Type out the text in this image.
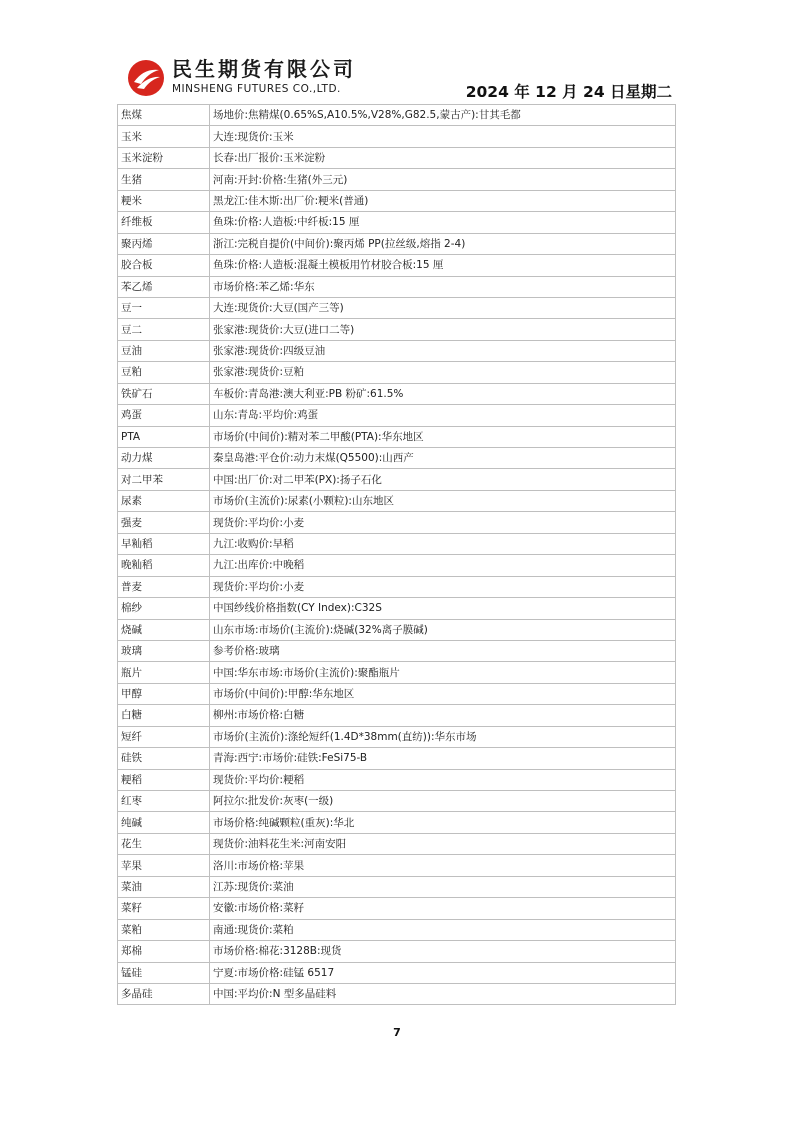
民生期货有限公司
MINSHENG FUTURES CO.,LTD.	2024 年 12 月 24 日星期二
焦煤	场地价:焦精煤(0.65%S,A10.5%,V28%,G82.5,蒙古产):甘其毛都
玉米	大连:现货价:玉米
玉米淀粉	长春:出厂报价:玉米淀粉
生猪	河南:开封:价格:生猪(外三元)
粳米	黑龙江:佳木斯:出厂价:粳米(普通)
纤维板	鱼珠:价格:人造板:中纤板:15 厘
聚丙烯	浙江:完税自提价(中间价):聚丙烯 PP(拉丝级,熔指 2-4)
胶合板	鱼珠:价格:人造板:混凝土模板用竹材胶合板:15 厘
苯乙烯	市场价格:苯乙烯:华东
豆一	大连:现货价:大豆(国产三等)
豆二	张家港:现货价:大豆(进口二等)
豆油	张家港:现货价:四级豆油
豆粕	张家港:现货价:豆粕
铁矿石	车板价:青岛港:澳大利亚:PB 粉矿:61.5%
鸡蛋	山东:青岛:平均价:鸡蛋
PTA	市场价(中间价):精对苯二甲酸(PTA):华东地区
动力煤	秦皇岛港:平仓价:动力末煤(Q5500):山西产
对二甲苯	中国:出厂价:对二甲苯(PX):扬子石化
尿素	市场价(主流价):尿素(小颗粒):山东地区
强麦	现货价:平均价:小麦
早籼稻	九江:收购价:早稻
晚籼稻	九江:出库价:中晚稻
普麦	现货价:平均价:小麦
棉纱	中国纱线价格指数(CY Index):C32S
烧碱	山东市场:市场价(主流价):烧碱(32%离子膜碱)
玻璃	参考价格:玻璃
瓶片	中国:华东市场:市场价(主流价):聚酯瓶片
甲醇	市场价(中间价):甲醇:华东地区
白糖	柳州:市场价格:白糖
短纤	市场价(主流价):涤纶短纤(1.4D*38mm(直纺)):华东市场
硅铁	青海:西宁:市场价:硅铁:FeSi75-B
粳稻	现货价:平均价:粳稻
红枣	阿拉尔:批发价:灰枣(一级)
纯碱	市场价格:纯碱颗粒(重灰):华北
花生	现货价:油料花生米:河南安阳
苹果	洛川:市场价格:苹果
菜油	江苏:现货价:菜油
菜籽	安徽:市场价格:菜籽
菜粕	南通:现货价:菜粕
郑棉	市场价格:棉花:3128B:现货
锰硅	宁夏:市场价格:硅锰 6517
多晶硅	中国:平均价:N 型多晶硅料
7
